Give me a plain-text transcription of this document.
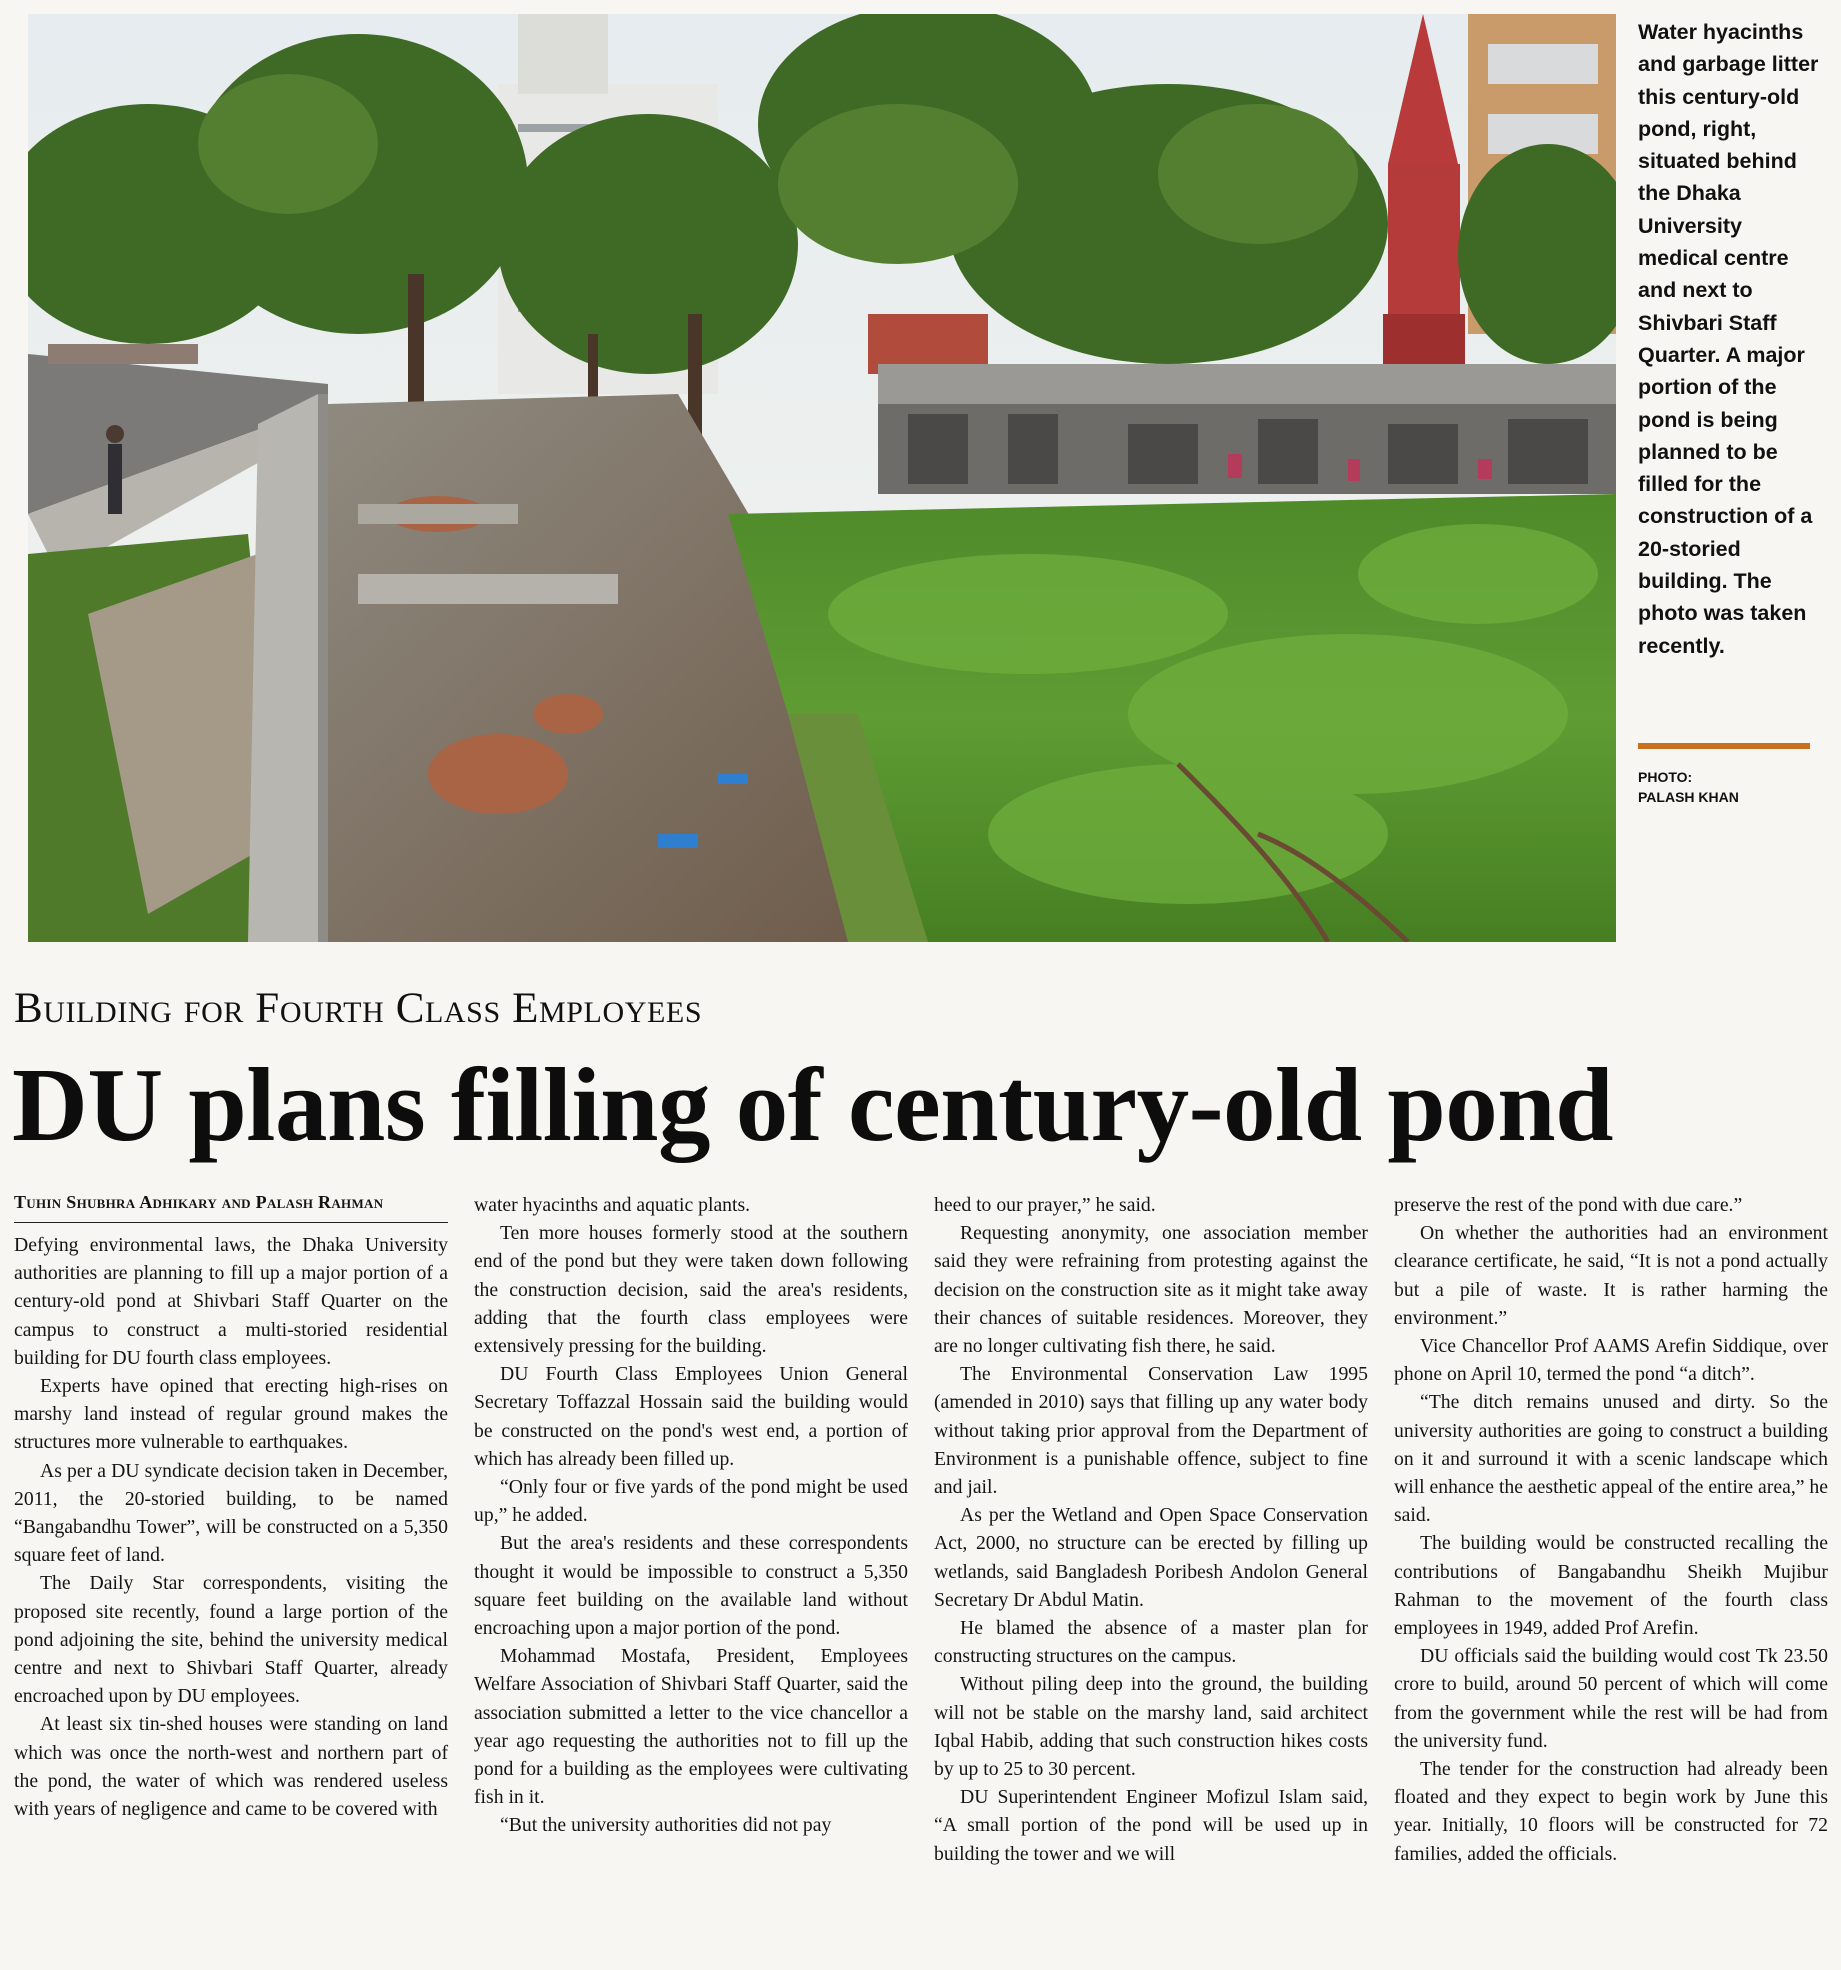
Water hyacinths and garbage litter this century-old pond, right, situated behind the Dhaka University medical centre and next to Shivbari Staff Quarter. A major portion of the pond is being planned to be filled for the construction of a 20-storied building. The photo was taken recently.
PHOTO:
PALASH KHAN
Building for Fourth Class Employees
DU plans filling of century-old pond

Tuhin Shubhra Adhikary and Palash Rahman

Defying environmental laws, the Dhaka University authorities are planning to fill up a major portion of a century-old pond at Shivbari Staff Quarter on the campus to construct a multi-storied residential building for DU fourth class employees.

Experts have opined that erecting high-rises on marshy land instead of regular ground makes the structures more vulnerable to earthquakes.

As per a DU syndicate decision taken in December, 2011, the 20-storied building, to be named “Bangabandhu Tower”, will be constructed on a 5,350 square feet of land.

The Daily Star correspondents, visiting the proposed site recently, found a large portion of the pond adjoining the site, behind the university medical centre and next to Shivbari Staff Quarter, already encroached upon by DU employees.

At least six tin-shed houses were standing on land which was once the north-west and northern part of the pond, the water of which was rendered useless with years of negligence and came to be covered with

water hyacinths and aquatic plants.

Ten more houses formerly stood at the southern end of the pond but they were taken down following the construction decision, said the area's residents, adding that the fourth class employees were extensively pressing for the building.

DU Fourth Class Employees Union General Secretary Toffazzal Hossain said the building would be constructed on the pond's west end, a portion of which has already been filled up.

“Only four or five yards of the pond might be used up,” he added.

But the area's residents and these correspondents thought it would be impossible to construct a 5,350 square feet building on the available land without encroaching upon a major portion of the pond.

Mohammad Mostafa, President, Employees Welfare Association of Shivbari Staff Quarter, said the association submitted a letter to the vice chancellor a year ago requesting the authorities not to fill up the pond for a building as the employees were cultivating fish in it.

“But the university authorities did not pay

heed to our prayer,” he said.

Requesting anonymity, one association member said they were refraining from protesting against the decision on the construction site as it might take away their chances of suitable residences. Moreover, they are no longer cultivating fish there, he said.

The Environmental Conservation Law 1995 (amended in 2010) says that filling up any water body without taking prior approval from the Department of Environment is a punishable offence, subject to fine and jail.

As per the Wetland and Open Space Conservation Act, 2000, no structure can be erected by filling up wetlands, said Bangladesh Poribesh Andolon General Secretary Dr Abdul Matin.

He blamed the absence of a master plan for constructing structures on the campus.

Without piling deep into the ground, the building will not be stable on the marshy land, said architect Iqbal Habib, adding that such construction hikes costs by up to 25 to 30 percent.

DU Superintendent Engineer Mofizul Islam said, “A small portion of the pond will be used up in building the tower and we will

preserve the rest of the pond with due care.”

On whether the authorities had an environment clearance certificate, he said, “It is not a pond actually but a pile of waste. It is rather harming the environment.”

Vice Chancellor Prof AAMS Arefin Siddique, over phone on April 10, termed the pond “a ditch”.

“The ditch remains unused and dirty. So the university authorities are going to construct a building on it and surround it with a scenic landscape which will enhance the aesthetic appeal of the entire area,” he said.

The building would be constructed recalling the contributions of Bangabandhu Sheikh Mujibur Rahman to the movement of the fourth class employees in 1949, added Prof Arefin.

DU officials said the building would cost Tk 23.50 crore to build, around 50 percent of which will come from the government while the rest will be had from the university fund.

The tender for the construction had already been floated and they expect to begin work by June this year. Initially, 10 floors will be constructed for 72 families, added the officials.
